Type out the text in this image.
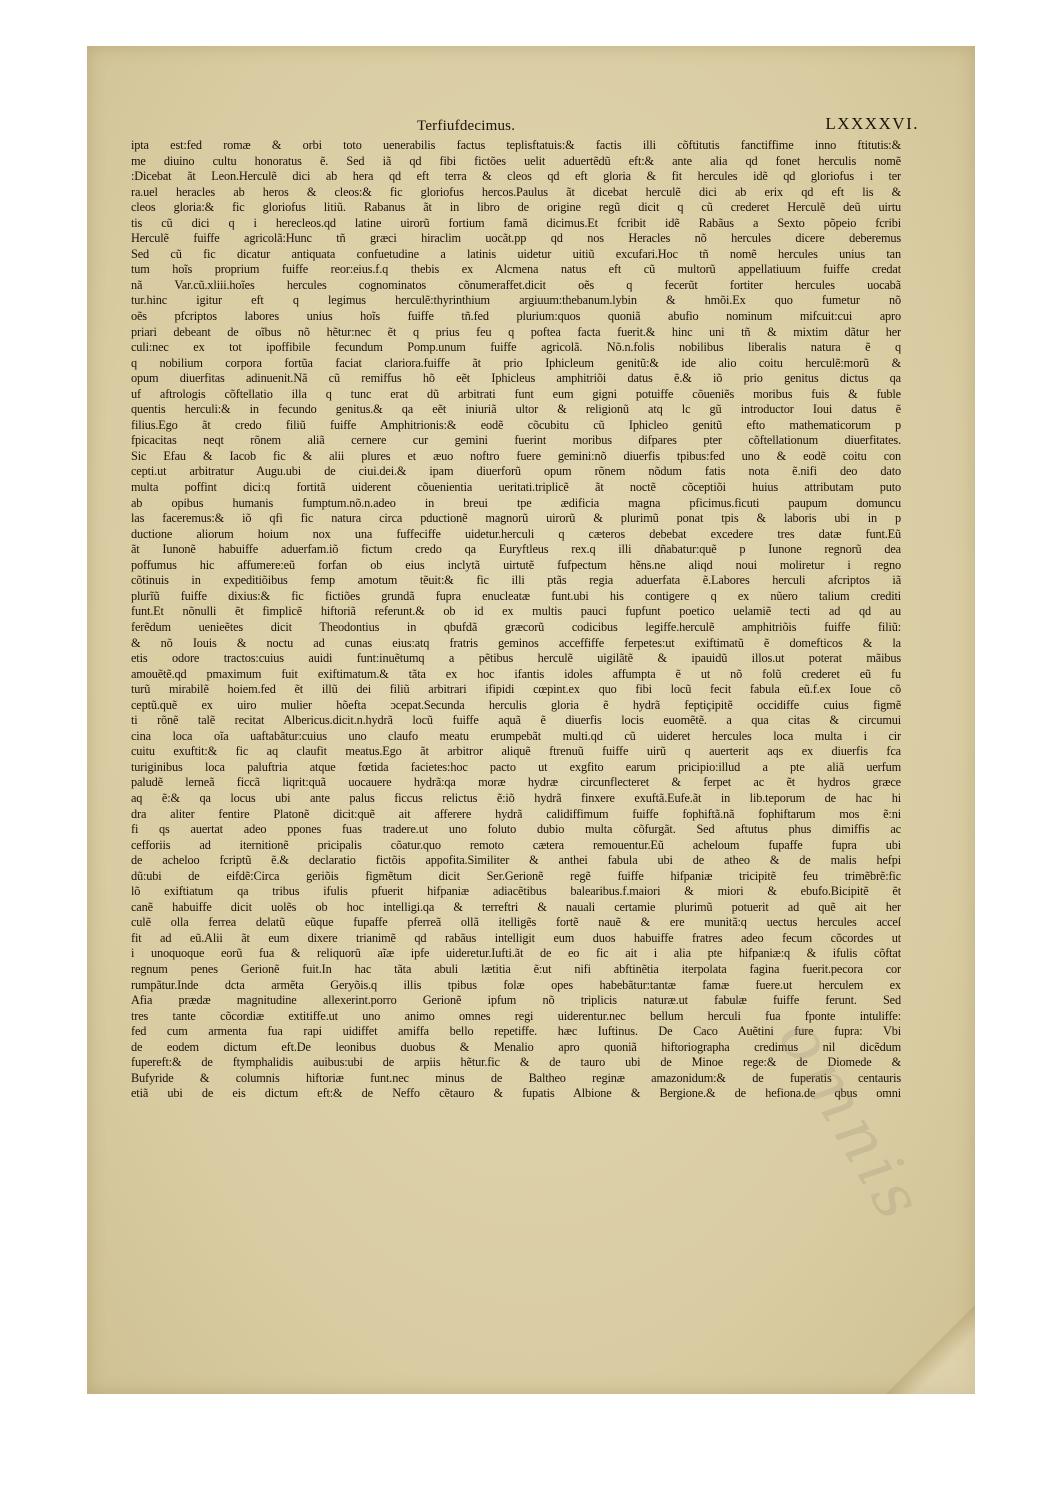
Terfiufdecimus.	LXXXXVI.
ipta est:fed romæ & orbi toto uenerabilis factus teplisftatuis:& factis illi cõftitutis fanctiffime inno ftitutis:&
me diuino cultu honoratus ẽ. Sed iã qd fibi fictões uelit aduertẽdũ eft:& ante alia qd fonet herculis nomẽ
:Dicebat ãt Leon.Herculẽ dici ab hera qd eft terra & cleos qd eft gloria & fit hercules idẽ qd gloriofus i ter
ra.uel heracles ab heros & cleos:& fic gloriofus hercos.Paulus ãt dicebat herculẽ dici ab erix qd eft lis &
cleos gloria:& fic gloriofus litiũ. Rabanus ãt in libro de origine regũ dicit q cũ crederet Herculẽ deũ uirtu
tis cũ dici q i herecleos.qd latine uirorũ fortium famã dicimus.Et fcribit idẽ Rabãus a Sexto põpeio fcribi
Herculẽ fuiffe agricolã:Hunc tñ græci hiraclim uocãt.pp qd nos Heracles nõ hercules dicere deberemus
Sed cũ fic dicatur antiquata confuetudine a latinis uidetur uitiũ excufari.Hoc tñ nomẽ hercules unius tan
tum hoĩs proprium fuiffe reor:eius.f.q thebis ex Alcmena natus eft cũ multorũ appellatiuum fuiffe credat
nã Var.cũ.xliii.hoĩes hercules cognominatos cõnumeraffet.dicit oẽs q fecerũt fortiter hercules uocabã
tur.hinc igitur eft q legimus herculẽ:thyrinthium argiuum:thebanum.lybin & hmõi.Ex quo fumetur nõ
oẽs pfcriptos labores unius hoĩs fuiffe tñ.fed plurium:quos quoniã abufio nominum mifcuit:cui apro
priari debeant de oĩbus nõ hẽtur:nec ẽt q prius feu q poftea facta fuerit.& hinc uni tñ & mixtim dãtur her
culi:nec ex tot ipoffibile fecundum Pomp.unum fuiffe agricolã. Nõ.n.folis nobilibus liberalis natura ẽ q
q nobilium corpora fortũa faciat clariora.fuiffe ãt prio Iphicleum genitũ:& ide alio coitu herculẽ:morũ &
opum diuerfitas adinuenit.Nã cũ remiffus hõ eẽt Iphicleus amphitriõi datus ẽ.& iõ prio genitus dictus qa
uf aftrologis cõftellatio illa q tunc erat dũ arbitrati funt eum gigni potuiffe cõueniẽs moribus fuis & fuble
quentis herculi:& in fecundo genitus.& qa eẽt iniuriã ultor & religionũ atq lc gũ introductor Ioui datus ẽ
filius.Ego ãt credo filiũ fuiffe Amphitrionis:& eodẽ cõcubitu cũ Iphicleo genitũ efto mathematicorum p
fpicacitas neqt rõnem aliã cernere cur gemini fuerint moribus difpares pter cõftellationum diuerfitates.
Sic Efau & Iacob fic & alii plures et æuo noftro fuere gemini:nõ diuerfis tpibus:fed uno & eodẽ coitu con
cepti.ut arbitratur Augu.ubi de ciui.dei.& ipam diuerforũ opum rõnem nõdum fatis nota ẽ.nifi deo dato
multa poffint dici:q fortitã uiderent cõuenientia ueritati.triplicẽ ãt noctẽ cõceptiõi huius attributam puto
ab opibus humanis fumptum.nõ.n.adeo in breui tpe ædificia magna pficimus.ficuti paupum domuncu
las faceremus:& iõ qfi fic natura circa pductionẽ magnorũ uirorũ & plurimũ ponat tpis & laboris ubi in p
ductione aliorum hoium nox una fuffeciffe uidetur.herculi q cæteros debebat excedere tres datæ funt.Eũ
ãt Iunonẽ habuiffe aduerfam.iõ fictum credo qa Euryftleus rex.q illi dñabatur:quẽ p Iunone regnorũ dea
poffumus hic affumere:eũ forfan ob eius inclytã uirtutẽ fufpectum hẽns.ne aliqd noui moliretur i regno
cõtinuis in expeditiõibus femp amotum tẽuit:& fic illi ptãs regia aduerfata ẽ.Labores herculi afcriptos iã
plurĩũ fuiffe dixius:& fic fictiões grundã fupra enucleatæ funt.ubi his contigere q ex nũero talium crediti
funt.Et nõnulli ẽt fimplicẽ hiftoriã referunt.& ob id ex multis pauci fupfunt poetico uelamiẽ tecti ad qd au
ferẽdum uenieẽtes dicit Theodontius in qbufdã græcorũ codicibus legiffe.herculẽ amphitriõis fuiffe filiũ:
& nõ Iouis & noctu ad cunas eius:atq fratris geminos acceffiffe ferpetes:ut exiftimatũ ẽ domefticos & la
etis odore tractos:cuius auidi funt:inuẽtumq a pẽtibus herculẽ uigilãtẽ & ipauidũ illos.ut poterat mãibus
amouẽtẽ.qd pmaximum fuit exiftimatum.& tãta ex hoc ifantis idoles affumpta ẽ ut nõ folũ crederet eũ fu
turũ mirabilẽ hoiem.fed ẽt illũ dei filiũ arbitrari ifipidi cœpint.ex quo fibi locũ fecit fabula eũ.f.ex Ioue cõ
ceptũ.quẽ ex uiro mulier hõefta ɔcepat.Secunda herculis gloria ẽ hydrã feptiçipitẽ occidiffe cuius figmẽ
ti rõnẽ talẽ recitat Albericus.dicit.n.hydrã locũ fuiffe aquã ẽ diuerfis locis euomẽtẽ. a qua citas & circumui
cina loca oĩa uaftabãtur:cuius uno claufo meatu erumpebãt multi.qd cũ uideret hercules loca multa i cir
cuitu exuftit:& fic aq claufit meatus.Ego ãt arbitror aliquẽ ftrenuũ fuiffe uirũ q auerterit aqs ex diuerfis fca
turiginibus loca paluftria atque fœtida facietes:hoc pacto ut exgfito earum pricipio:illud a pte aliã uerfum
paludẽ lerneã ficcã liqrit:quã uocauere hydrã:qa moræ hydræ circunflecteret & ferpet ac ẽt hydros græce
aq ẽ:& qa locus ubi ante palus ficcus relictus ẽ:iõ hydrã finxere exuftã.Eufe.ãt in lib.teporum de hac hi
dra aliter fentire Platonẽ dicit:quẽ ait afferere hydrã calidiffimum fuiffe fophiftã.nã fophiftarum mos ẽ:ni
fi qs auertat adeo ppones fuas tradere.ut uno foluto dubio multa cõfurgãt. Sed aftutus phus dimiffis ac
cefforiis ad iternitionẽ pricipalis cõatur.quo remoto cætera remouentur.Eũ acheloum fupaffe fupra ubi
de acheloo fcriptũ ẽ.& declaratio fictõis appofita.Similiter & anthei fabula ubi de atheo & de malis hefpi
dũ:ubi de eifdẽ:Circa geriõis figmẽtum dicit Ser.Gerionẽ regẽ fuiffe hifpaniæ tricipitẽ feu trimẽbrẽ:fic
lõ exiftiatum qa tribus ifulis pfuerit hifpaniæ adiacẽtibus balearibus.f.maiori & miori & ebufo.Bicipitẽ ẽt
canẽ habuiffe dicit uolẽs ob hoc intelligi.qa & terreftri & nauali certamie plurimũ potuerit ad quẽ ait her
culẽ olla ferrea delatũ eũque fupaffe pferreã ollã itelligẽs fortẽ nauẽ & ere munitã:q uectus hercules acceſ
fit ad eũ.Alii ãt eum dixere trianimẽ qd rabãus intelligit eum duos habuiffe fratres adeo fecum cõcordes ut
i unoquoque eorũ fua & reliquorũ aĩæ ipfe uideretur.Iufti.ãt de eo fic ait i alia pte hifpaniæ:q & ifulis cõftat
regnum penes Gerionẽ fuit.In hac tãta abuli lætitia ẽ:ut nifi abftinẽtia iterpolata fagina fuerit.pecora cor
rumpãtur.Inde dcta armẽta Geryõis.q illis tpibus folæ opes habebãtur:tantæ famæ fuere.ut herculem ex
Afia prædæ magnitudine allexerint.porro Gerionẽ ipfum nõ triplicis naturæ.ut fabulæ fuiffe ferunt. Sed
tres tante cõcordiæ extitiffe.ut uno animo omnes regi uiderentur.nec bellum herculi fua fponte intuliffe:
fed cum armenta fua rapi uidiffet amiffa bello repetiffe. hæc Iuftinus. De Caco Auẽtini fure fupra: Vbi
de eodem dictum eft.De leonibus duobus & Menalio apro quoniã hiftoriographa credimus nil dicẽdum
fupereft:& de ftymphalidis auibus:ubi de arpiis hẽtur.fic & de tauro ubi de Minoe rege:& de Diomede &
Bufyride & columnis hiftoriæ funt.nec minus de Baltheo reginæ amazonidum:& de fuperatis centauris
etiã ubi de eis dictum eft:& de Neffo cẽtauro & fupatis Albione & Bergione.& de hefiona.de qbus omni
omnis
